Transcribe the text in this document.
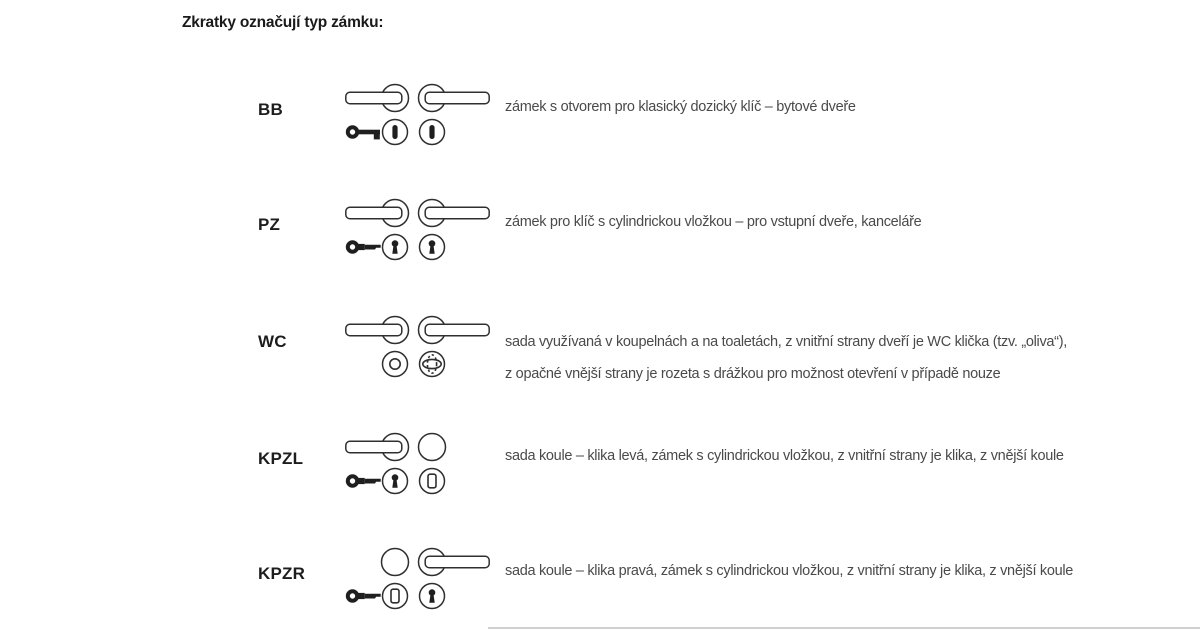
Zkratky označují typ zámku:
BB	zámek s otvorem pro klasický dozický klíč – bytové dveře
PZ	zámek pro klíč s cylindrickou vložkou – pro vstupní dveře, kanceláře
WC	sada využívaná v koupelnách a na toaletách, z vnitřní strany dveří je WC klička (tzv. „oliva“),
z opačné vnější strany je rozeta s drážkou pro možnost otevření v případě nouze
KPZL	sada koule – klika levá, zámek s cylindrickou vložkou, z vnitřní strany je klika, z vnější koule
KPZR	sada koule – klika pravá, zámek s cylindrickou vložkou, z vnitřní strany je klika, z vnější koule
